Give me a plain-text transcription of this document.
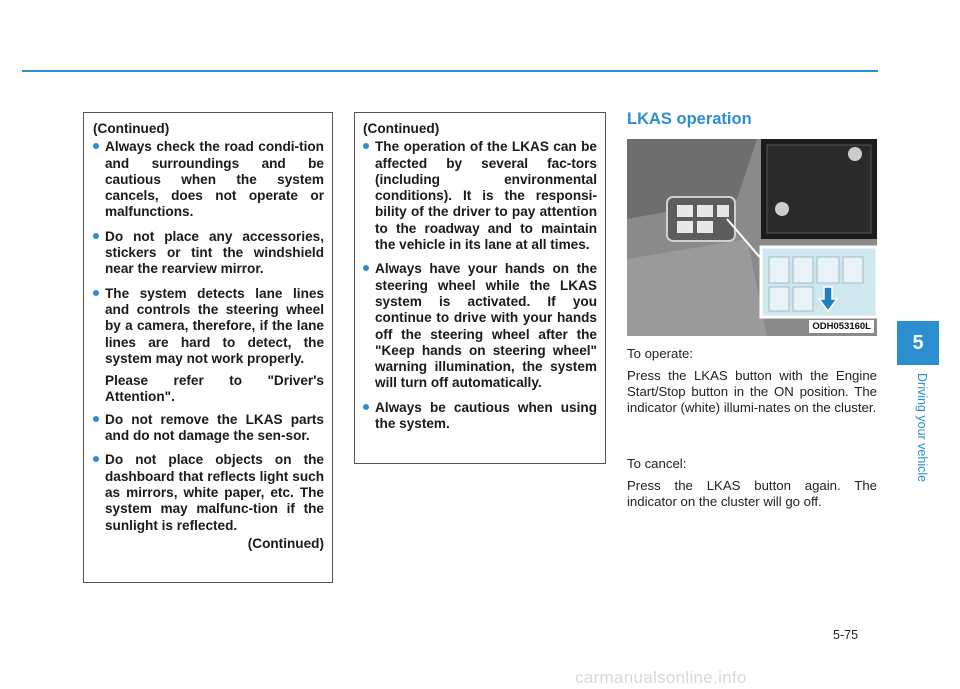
(Continued)
Always check the road condi-tion and surroundings and be cautious when the system cancels, does not operate or malfunctions.
Do not place any accessories, stickers or tint the windshield near the rearview mirror.
The system detects lane lines and controls the steering wheel by a camera, therefore, if the lane lines are hard to detect, the system may not work properly.
Please refer to "Driver's Attention".
Do not remove the LKAS parts and do not damage the sen-sor.
Do not place objects on the dashboard that reflects light such as mirrors, white paper, etc. The system may malfunc-tion if the sunlight is reflected.
(Continued)
(Continued)
The operation of the LKAS can be affected by several fac-tors (including environmental conditions). It is the responsi-bility of the driver to pay attention to the roadway and to maintain the vehicle in its lane at all times.
Always have your hands on the steering wheel while the LKAS system is activated. If you continue to drive with your hands off the steering wheel after the "Keep hands on steering wheel" warning illumination, the system will turn off automatically.
Always be cautious when using the system.
LKAS operation
ODH053160L
To operate:
Press the LKAS button with the Engine Start/Stop button in the ON position. The indicator (white) illumi-nates on the cluster.
To cancel:
Press the LKAS button again. The indicator on the cluster will go off.
5
Driving your vehicle
5-75
carmanualsonline.info
